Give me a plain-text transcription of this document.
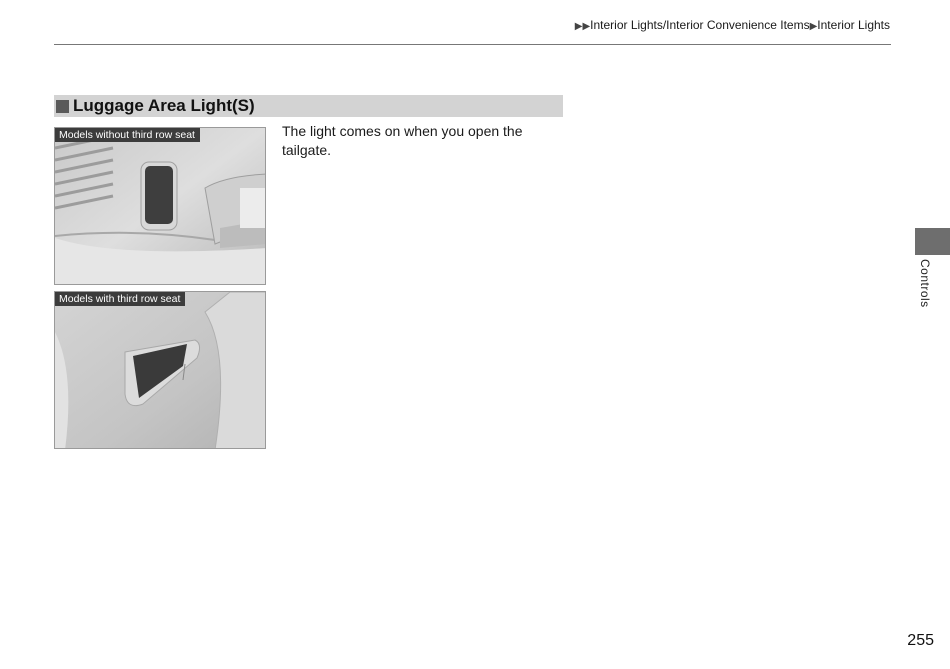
▶▶Interior Lights/Interior Convenience Items▶Interior Lights
Luggage Area Light(S)
Models without third row seat
Models with third row seat
The light comes on when you open the tailgate.
Controls
255
